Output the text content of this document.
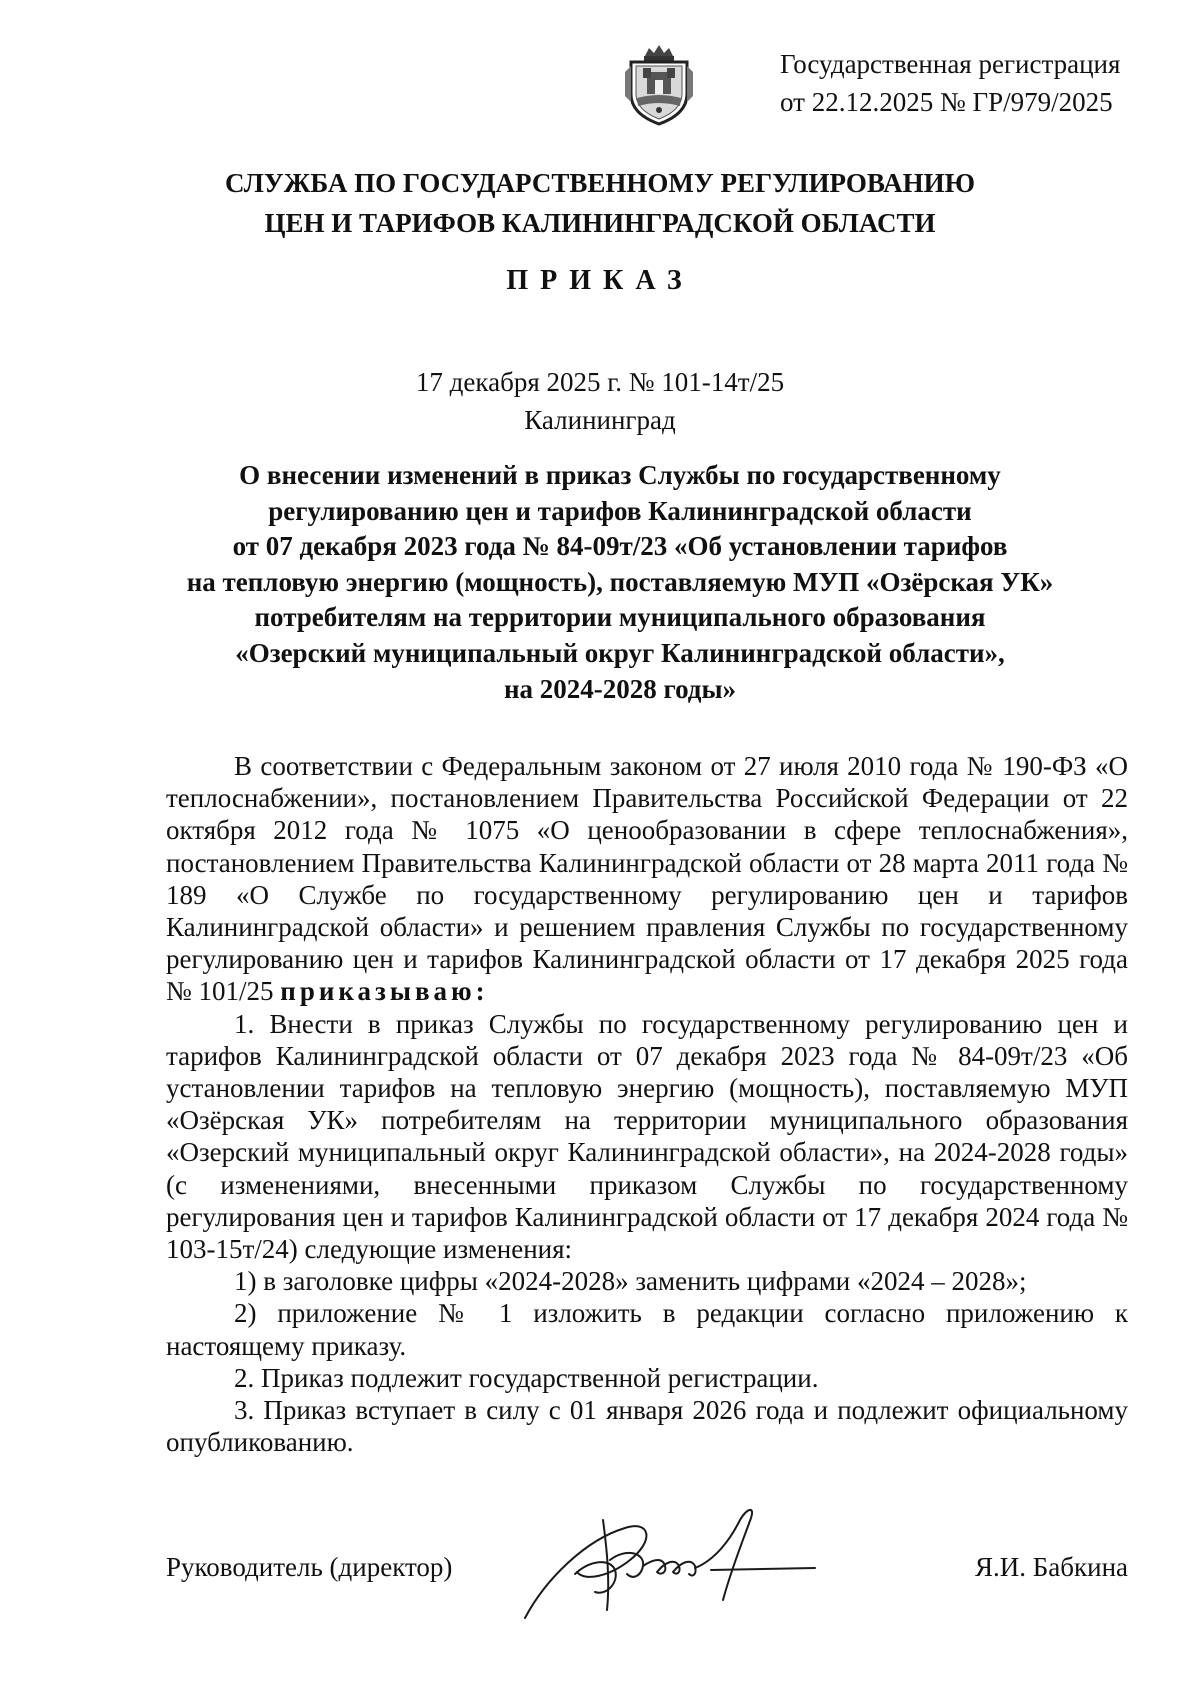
Государственная регистрация
от 22.12.2025 № ГР/979/2025
СЛУЖБА ПО ГОСУДАРСТВЕННОМУ РЕГУЛИРОВАНИЮ
ЦЕН И ТАРИФОВ КАЛИНИНГРАДСКОЙ ОБЛАСТИ
ПРИКАЗ
17 декабря 2025 г. № 101-14т/25
Калининград
О внесении изменений в приказ Службы по государственному
регулированию цен и тарифов Калининградской области
от 07 декабря 2023 года № 84-09т/23 «Об установлении тарифов
на тепловую энергию (мощность), поставляемую МУП «Озёрская УК»
потребителям на территории муниципального образования
«Озерский муниципальный округ Калининградской области»,
на 2024-2028 годы»

В соответствии с Федеральным законом от 27 июля 2010 года № 190-ФЗ «О теплоснабжении», постановлением Правительства Российской Федерации от 22 октября 2012 года № 1075 «О ценообразовании в сфере теплоснабжения», постановлением Правительства Калининградской области от 28 марта 2011 года № 189 «О Службе по государственному регулированию цен и тарифов Калининградской области» и решением правления Службы по государственному регулированию цен и тарифов Калининградской области от 17 декабря 2025 года № 101/25 приказываю:

1. Внести в приказ Службы по государственному регулированию цен и тарифов Калининградской области от 07 декабря 2023 года № 84-09т/23 «Об установлении тарифов на тепловую энергию (мощность), поставляемую МУП «Озёрская УК» потребителям на территории муниципального образования «Озерский муниципальный округ Калининградской области», на 2024-2028 годы» (с изменениями, внесенными приказом Службы по государственному регулирования цен и тарифов Калининградской области от 17 декабря 2024 года № 103-15т/24) следующие изменения:

1) в заголовке цифры «2024-2028» заменить цифрами «2024 – 2028»;

2) приложение № 1 изложить в редакции согласно приложению к настоящему приказу.

2. Приказ подлежит государственной регистрации.

3. Приказ вступает в силу с 01 января 2026 года и подлежит официальному опубликованию.

Руководитель (директор)	Я.И. Бабкина
